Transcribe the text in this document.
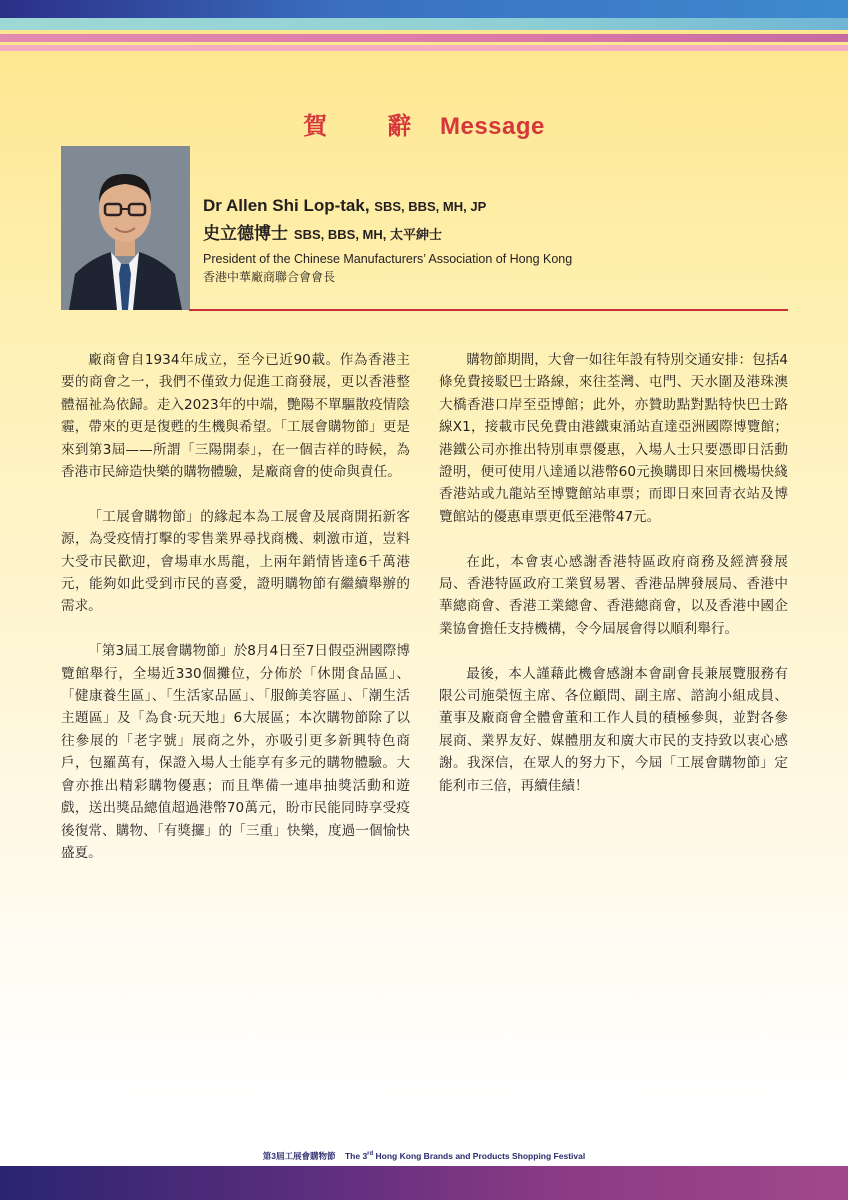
賀　辭 Message
Dr Allen Shi Lop-tak, SBS, BBS, MH, JP
史立德博士 SBS, BBS, MH, 太平紳士
President of the Chinese Manufacturers’ Association of Hong Kong
香港中華廠商聯合會會長

廠商會自1934年成立，至今已近90載。作為香港主要的商會之一，我們不僅致力促進工商發展，更以香港整體福祉為依歸。走入2023年的中端，艷陽不單驅散疫情陰霾，帶來的更是復甦的生機與希望。「工展會購物節」更是來到第3屆——所謂「三陽開泰」，在一個吉祥的時候，為香港市民締造快樂的購物體驗，是廠商會的使命與責任。

「工展會購物節」的緣起本為工展會及展商開拓新客源，為受疫情打擊的零售業界尋找商機、刺激市道，豈料大受市民歡迎，會場車水馬龍，上兩年銷情皆達6千萬港元，能夠如此受到市民的喜愛，證明購物節有繼續舉辦的需求。

「第3屆工展會購物節」於8月4日至7日假亞洲國際博覽館舉行，全場近330個攤位，分佈於「休閒食品區」、「健康養生區」、「生活家品區」、「服飾美容區」、「潮生活主題區」及「為食‧玩天地」6大展區；本次購物節除了以往參展的「老字號」展商之外，亦吸引更多新興特色商戶，包羅萬有，保證入場人士能享有多元的購物體驗。大會亦推出精彩購物優惠；而且準備一連串抽獎活動和遊戲，送出獎品總值超過港幣70萬元，盼市民能同時享受疫後復常、購物、「有獎攞」的「三重」快樂，度過一個愉快盛夏。

購物節期間，大會一如往年設有特別交通安排：包括4條免費接駁巴士路線，來往荃灣、屯門、天水圍及港珠澳大橋香港口岸至亞博館；此外，亦贊助點對點特快巴士路線X1，接載市民免費由港鐵東涌站直達亞洲國際博覽館；港鐵公司亦推出特別車票優惠，入場人士只要憑即日活動證明，便可使用八達通以港幣60元換購即日來回機場快綫香港站或九龍站至博覽館站車票；而即日來回青衣站及博覽館站的優惠車票更低至港幣47元。

在此，本會衷心感謝香港特區政府商務及經濟發展局、香港特區政府工業貿易署、香港品牌發展局、香港中華總商會、香港工業總會、香港總商會，以及香港中國企業協會擔任支持機構，令今屆展會得以順利舉行。

最後，本人謹藉此機會感謝本會副會長兼展覽服務有限公司施榮恆主席、各位顧問、副主席、諮詢小組成員、董事及廠商會全體會董和工作人員的積極參與，並對各參展商、業界友好、媒體朋友和廣大市民的支持致以衷心感謝。我深信，在眾人的努力下，今屆「工展會購物節」定能利市三倍，再續佳績！

第3屆工展會購物節 The 3rd Hong Kong Brands and Products Shopping Festival
